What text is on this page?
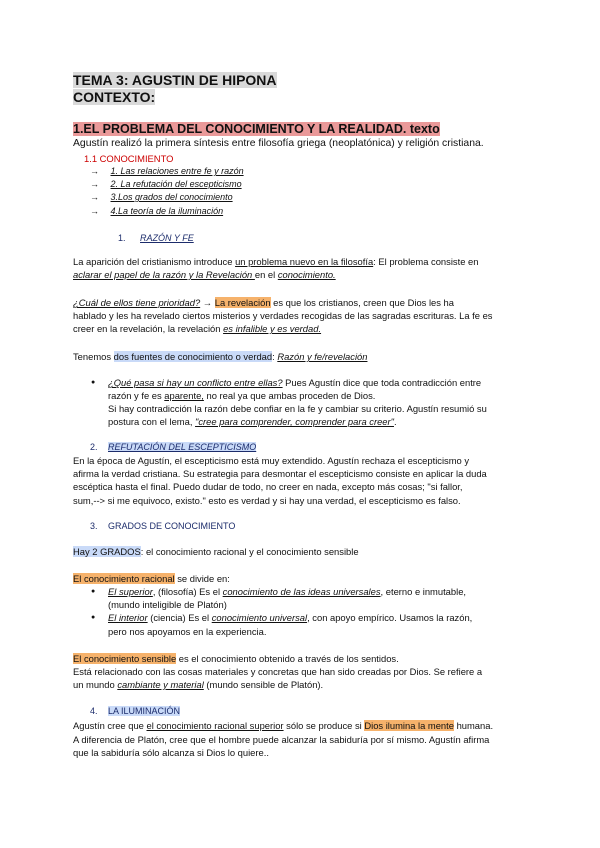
TEMA 3: AGUSTIN DE HIPONA
CONTEXTO:
1.EL PROBLEMA DEL CONOCIMIENTO Y LA REALIDAD. texto
Agustín realizó la primera síntesis entre filosofía griega (neoplatónica) y religión cristiana.
1.1 CONOCIMIENTO
→ 1. Las relaciones entre fe y razón
→ 2. La refutación del escepticismo
→ 3.Los grados del conocimiento
→ 4.La teoría de la iluminación
1. RAZÓN Y FE
La aparición del cristianismo introduce un problema nuevo en la filosofía: El problema consiste en
aclarar el papel de la razón y la Revelación en el conocimiento.
¿Cuál de ellos tiene prioridad? → La revelación es que los cristianos, creen que Dios les ha
hablado y les ha revelado ciertos misterios y verdades recogidas de las sagradas escrituras. La fe es
creer en la revelación, la revelación es infalible y es verdad.
Tenemos dos fuentes de conocimiento o verdad: Razón y fe/revelación
● ¿Qué pasa si hay un conflicto entre ellas? Pues Agustín dice que toda contradicción entre
razón y fe es aparente, no real ya que ambas proceden de Dios.
Si hay contradicción la razón debe confiar en la fe y cambiar su criterio. Agustín resumió su
postura con el lema, "cree para comprender, comprender para creer".
2. REFUTACIÓN DEL ESCEPTICISMO
En la época de Agustín, el escepticismo está muy extendido. Agustín rechaza el escepticismo y
afirma la verdad cristiana. Su estrategia para desmontar el escepticismo consiste en aplicar la duda
escéptica hasta el final. Puedo dudar de todo, no creer en nada, excepto más cosas; "si fallor,
sum,--> si me equivoco, existo." esto es verdad y si hay una verdad, el escepticismo es falso.
3. GRADOS DE CONOCIMIENTO
Hay 2 GRADOS: el conocimiento racional y el conocimiento sensible
El conocimiento racional se divide en:
● El superior, (filosofía) Es el conocimiento de las ideas universales, eterno e inmutable,
(mundo inteligible de Platón)
● El interior (ciencia) Es el conocimiento universal, con apoyo empírico. Usamos la razón,
pero nos apoyamos en la experiencia.
El conocimiento sensible es el conocimiento obtenido a través de los sentidos.
Está relacionado con las cosas materiales y concretas que han sido creadas por Dios. Se refiere a
un mundo cambiante y material (mundo sensible de Platón).
4. LA ILUMINACIÓN
Agustín cree que el conocimiento racional superior sólo se produce si Dios ilumina la mente humana.
A diferencia de Platón, cree que el hombre puede alcanzar la sabiduría por sí mismo. Agustín afirma
que la sabiduría sólo alcanza si Dios lo quiere..
